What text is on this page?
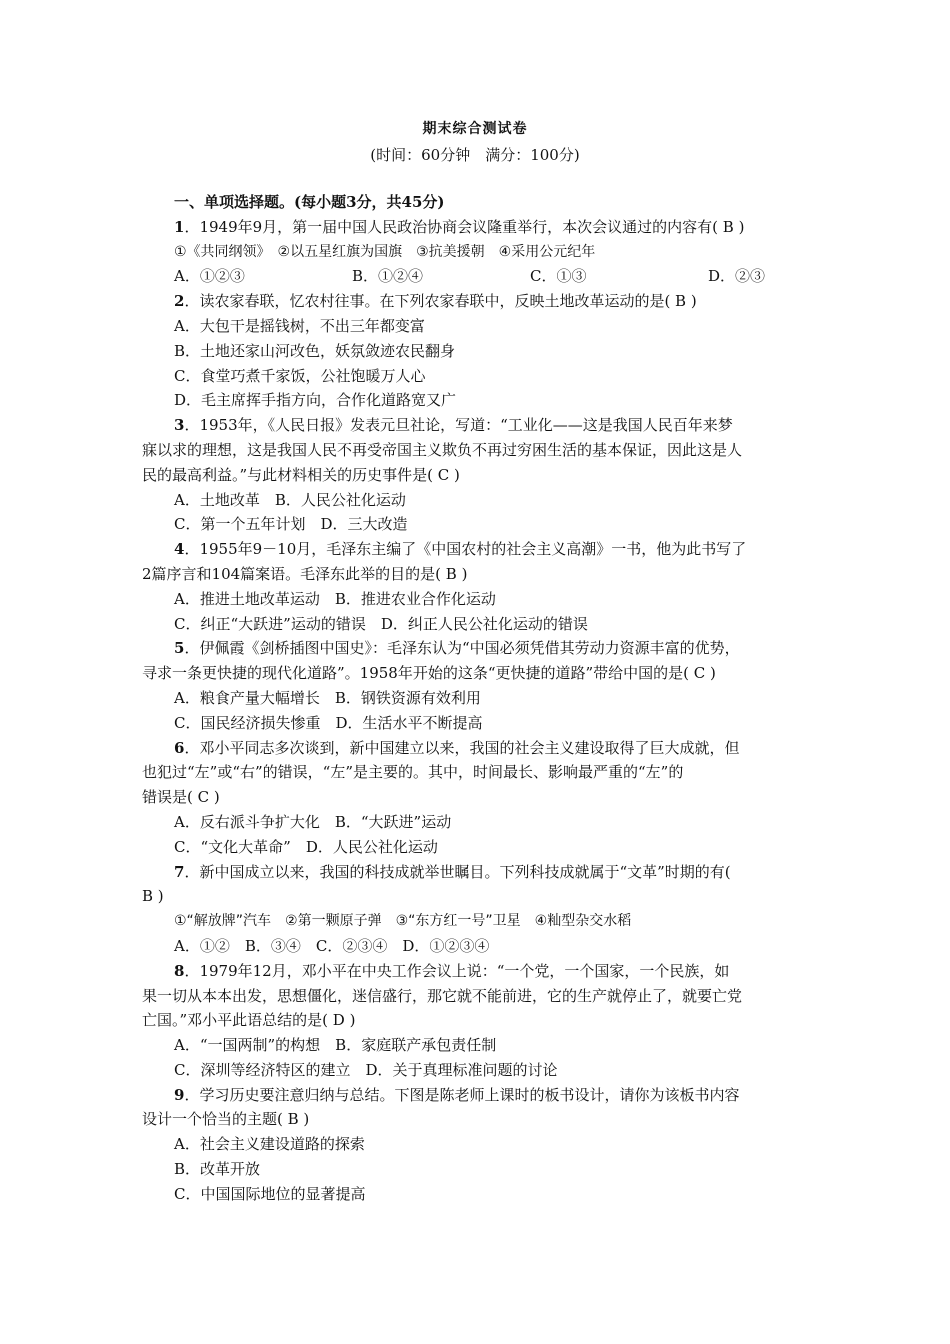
期末综合测试卷
(时间：60分钟　满分：100分)
一、单项选择题。(每小题3分，共45分)
1．1949年9月，第一届中国人民政治协商会议隆重举行，本次会议通过的内容有( B )
①《共同纲领》　②以五星红旗为国旗　③抗美援朝　④采用公元纪年
A．①②③	B．①②④	C．①③	D．②③
2．读农家春联，忆农村往事。在下列农家春联中，反映土地改革运动的是( B )
A．大包干是摇钱树，不出三年都变富
B．土地还家山河改色，妖氛敛迹农民翻身
C．食堂巧煮千家饭，公社饱暖万人心
D．毛主席挥手指方向，合作化道路宽又广
3．1953年，《人民日报》发表元旦社论，写道：“工业化——这是我国人民百年来梦
寐以求的理想，这是我国人民不再受帝国主义欺负不再过穷困生活的基本保证，因此这是人
民的最高利益。”与此材料相关的历史事件是( C )
A．土地改革　B．人民公社化运动
C．第一个五年计划　D．三大改造
4．1955年9－10月，毛泽东主编了《中国农村的社会主义高潮》一书，他为此书写了
2篇序言和104篇案语。毛泽东此举的目的是( B )
A．推进土地改革运动　B．推进农业合作化运动
C．纠正“大跃进”运动的错误　D．纠正人民公社化运动的错误
5．伊佩霞《剑桥插图中国史》：毛泽东认为“中国必须凭借其劳动力资源丰富的优势，
寻求一条更快捷的现代化道路”。1958年开始的这条“更快捷的道路”带给中国的是( C )
A．粮食产量大幅增长　B．钢铁资源有效利用
C．国民经济损失惨重　D．生活水平不断提高
6．邓小平同志多次谈到，新中国建立以来，我国的社会主义建设取得了巨大成就，但
也犯过“左”或“右”的错误，“左”是主要的。其中，时间最长、影响最严重的“左”的
错误是( C )
A．反右派斗争扩大化　B．“大跃进”运动
C．“文化大革命”　D．人民公社化运动
7．新中国成立以来，我国的科技成就举世瞩目。下列科技成就属于“文革”时期的有(
B )
①“解放牌”汽车　②第一颗原子弹　③“东方红一号”卫星　④籼型杂交水稻
A．①②　B．③④　C．②③④　D．①②③④
8．1979年12月，邓小平在中央工作会议上说：“一个党，一个国家，一个民族，如
果一切从本本出发，思想僵化，迷信盛行，那它就不能前进，它的生产就停止了，就要亡党
亡国。”邓小平此语总结的是( D )
A．“一国两制”的构想　B．家庭联产承包责任制
C．深圳等经济特区的建立　D．关于真理标准问题的讨论
9．学习历史要注意归纳与总结。下图是陈老师上课时的板书设计，请你为该板书内容
设计一个恰当的主题( B )
A．社会主义建设道路的探索
B．改革开放
C．中国国际地位的显著提高
